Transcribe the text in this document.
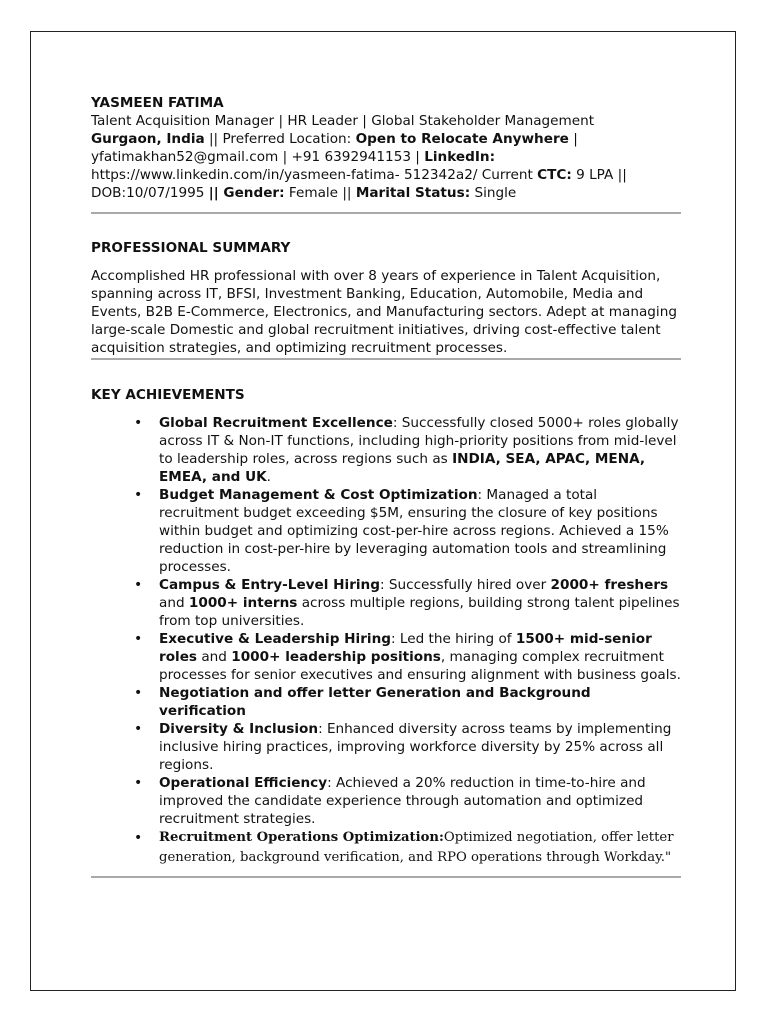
YASMEEN FATIMA
Talent Acquisition Manager | HR Leader | Global Stakeholder Management
Gurgaon, India || Preferred Location: Open to Relocate Anywhere | yfatimakhan52@gmail.com | +91 6392941153 | LinkedIn: https://www.linkedin.com/in/yasmeen-fatima- 512342a2/ Current CTC: 9 LPA || DOB:10/07/1995 || Gender: Female || Marital Status: Single
PROFESSIONAL SUMMARY
Accomplished HR professional with over 8 years of experience in Talent Acquisition, spanning across IT, BFSI, Investment Banking, Education, Automobile, Media and Events, B2B E-Commerce, Electronics, and Manufacturing sectors. Adept at managing large-scale Domestic and global recruitment initiatives, driving cost-effective talent acquisition strategies, and optimizing recruitment processes.
KEY ACHIEVEMENTS
• Global Recruitment Excellence: Successfully closed 5000+ roles globally across IT & Non-IT functions, including high-priority positions from mid-level to leadership roles, across regions such as INDIA, SEA, APAC, MENA, EMEA, and UK.
• Budget Management & Cost Optimization: Managed a total recruitment budget exceeding $5M, ensuring the closure of key positions within budget and optimizing cost-per-hire across regions. Achieved a 15% reduction in cost-per-hire by leveraging automation tools and streamlining processes.
• Campus & Entry-Level Hiring: Successfully hired over 2000+ freshers and 1000+ interns across multiple regions, building strong talent pipelines from top universities.
• Executive & Leadership Hiring: Led the hiring of 1500+ mid-senior roles and 1000+ leadership positions, managing complex recruitment processes for senior executives and ensuring alignment with business goals.
• Negotiation and offer letter Generation and Background verification
• Diversity & Inclusion: Enhanced diversity across teams by implementing inclusive hiring practices, improving workforce diversity by 25% across all regions.
• Operational Efficiency: Achieved a 20% reduction in time-to-hire and improved the candidate experience through automation and optimized recruitment strategies.
• Recruitment Operations Optimization:Optimized negotiation, offer letter generation, background verification, and RPO operations through Workday."
